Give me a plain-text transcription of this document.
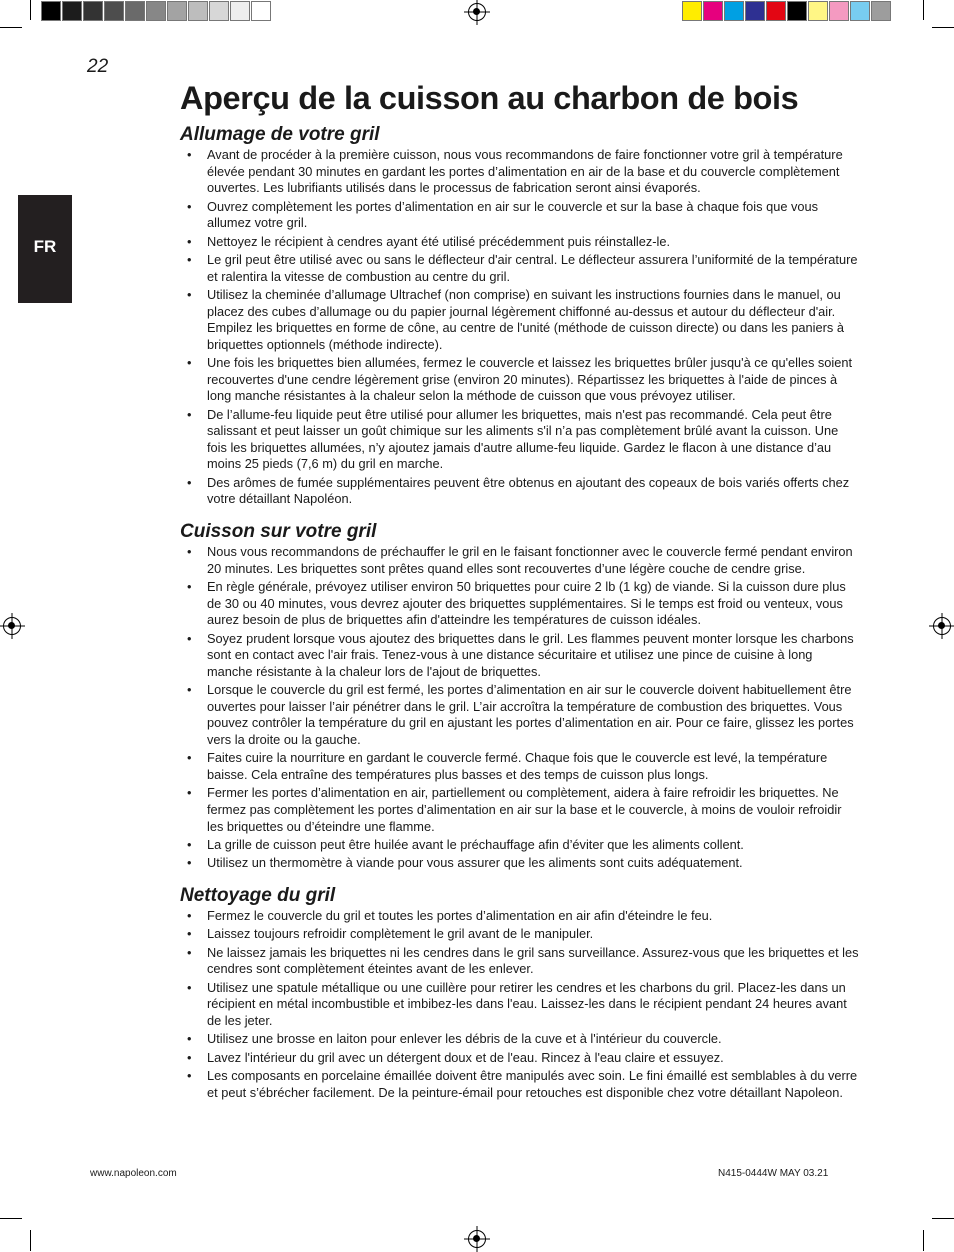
FR
22
Aperçu de la cuisson au charbon de bois
Allumage de votre gril
• Avant de procéder à la première cuisson, nous vous recommandons de faire fonctionner votre gril à température élevée pendant 30 minutes en gardant les portes d’alimentation en air de la base et du couvercle complètement ouvertes. Les lubrifiants utilisés dans le processus de fabrication seront ainsi évaporés.
• Ouvrez complètement les portes d’alimentation en air sur le couvercle et sur la base à chaque fois que vous allumez votre gril.
• Nettoyez le récipient à cendres ayant été utilisé précédemment puis réinstallez-le.
• Le gril peut être utilisé avec ou sans le déflecteur d'air central. Le déflecteur assurera l’uniformité de la température et ralentira la vitesse de combustion au centre du gril.
• Utilisez la cheminée d’allumage Ultrachef (non comprise) en suivant les instructions fournies dans le manuel, ou placez des cubes d’allumage ou du papier journal légèrement chiffonné au-dessus et autour du déflecteur d'air. Empilez les briquettes en forme de cône, au centre de l'unité (méthode de cuisson directe) ou dans les paniers à briquettes optionnels (méthode indirecte).
• Une fois les briquettes bien allumées, fermez le couvercle et laissez les briquettes brûler jusqu'à ce qu'elles soient recouvertes d'une cendre légèrement grise (environ 20 minutes). Répartissez les briquettes à l'aide de pinces à long manche résistantes à la chaleur selon la méthode de cuisson que vous prévoyez utiliser.
• De l’allume-feu liquide peut être utilisé pour allumer les briquettes, mais n'est pas recommandé. Cela peut être salissant et peut laisser un goût chimique sur les aliments s'il n’a pas complètement brûlé avant la cuisson. Une fois les briquettes allumées, n’y ajoutez jamais d'autre allume-feu liquide. Gardez le flacon à une distance d’au moins 25 pieds (7,6 m) du gril en marche.
• Des arômes de fumée supplémentaires peuvent être obtenus en ajoutant des copeaux de bois variés offerts chez votre détaillant Napoléon.
Cuisson sur votre gril
• Nous vous recommandons de préchauffer le gril en le faisant fonctionner avec le couvercle fermé pendant environ 20 minutes. Les briquettes sont prêtes quand elles sont recouvertes d’une légère couche de cendre grise.
• En règle générale, prévoyez utiliser environ 50 briquettes pour cuire 2 lb (1 kg) de viande. Si la cuisson dure plus de 30 ou 40 minutes, vous devrez ajouter des briquettes supplémentaires. Si le temps est froid ou venteux, vous aurez besoin de plus de briquettes afin d'atteindre les températures de cuisson idéales.
• Soyez prudent lorsque vous ajoutez des briquettes dans le gril. Les flammes peuvent monter lorsque les charbons sont en contact avec l'air frais. Tenez-vous à une distance sécuritaire et utilisez une pince de cuisine à long manche résistante à la chaleur lors de l'ajout de briquettes.
• Lorsque le couvercle du gril est fermé, les portes d’alimentation en air sur le couvercle doivent habituellement être ouvertes pour laisser l’air pénétrer dans le gril. L’air accroîtra la température de combustion des briquettes. Vous pouvez contrôler la température du gril en ajustant les portes d’alimentation en air. Pour ce faire, glissez les portes vers la droite ou la gauche.
• Faites cuire la nourriture en gardant le couvercle fermé. Chaque fois que le couvercle est levé, la température baisse. Cela entraîne des températures plus basses et des temps de cuisson plus longs.
• Fermer les portes d’alimentation en air, partiellement ou complètement, aidera à faire refroidir les briquettes. Ne fermez pas complètement les portes d’alimentation en air sur la base et le couvercle, à moins de vouloir refroidir les briquettes ou d’éteindre une flamme.
• La grille de cuisson peut être huilée avant le préchauffage afin d’éviter que les aliments collent.
• Utilisez un thermomètre à viande pour vous assurer que les aliments sont cuits adéquatement.
Nettoyage du gril
• Fermez le couvercle du gril et toutes les portes d’alimentation en air afin d'éteindre le feu.
• Laissez toujours refroidir complètement le gril avant de le manipuler.
• Ne laissez jamais les briquettes ni les cendres dans le gril sans surveillance. Assurez-vous que les briquettes et les cendres sont complètement éteintes avant de les enlever.
• Utilisez une spatule métallique ou une cuillère pour retirer les cendres et les charbons du gril. Placez-les dans un récipient en métal incombustible et imbibez-les dans l'eau. Laissez-les dans le récipient pendant 24 heures avant de les jeter.
• Utilisez une brosse en laiton pour enlever les débris de la cuve et à l'intérieur du couvercle.
• Lavez l'intérieur du gril avec un détergent doux et de l'eau. Rincez à l'eau claire et essuyez.
• Les composants en porcelaine émaillée doivent être manipulés avec soin. Le fini émaillé est semblables à du verre et peut s’ébrécher facilement. De la peinture-émail pour retouches est disponible chez votre détaillant Napoleon.
www.napoleon.com	N415-0444W MAY 03.21
